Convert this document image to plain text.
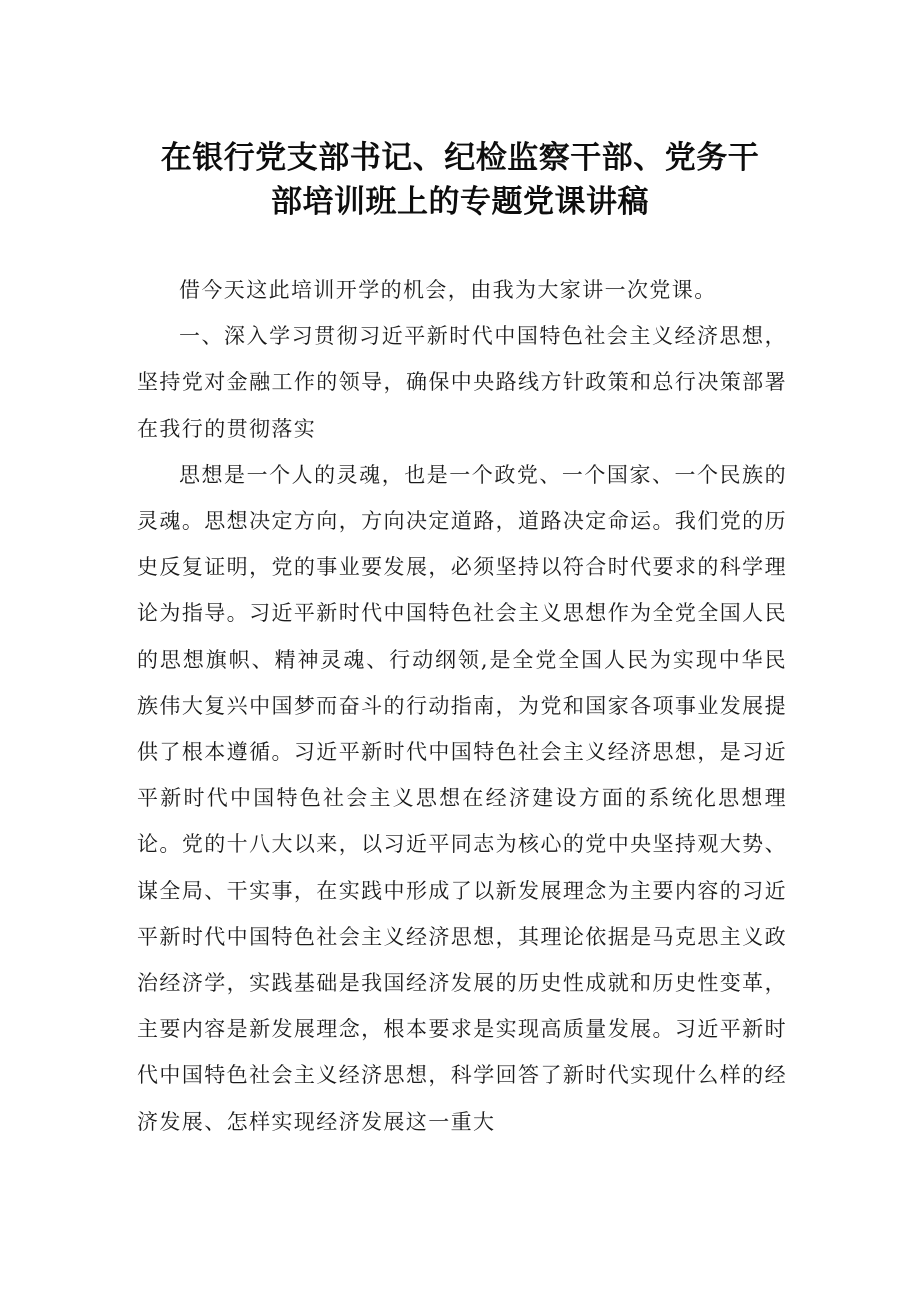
在银行党支部书记、纪检监察干部、党务干
部培训班上的专题党课讲稿

借今天这此培训开学的机会，由我为大家讲一次党课。

一、深入学习贯彻习近平新时代中国特色社会主义经济思想，坚持党对金融工作的领导，确保中央路线方针政策和总行决策部署在我行的贯彻落实

思想是一个人的灵魂，也是一个政党、一个国家、一个民族的灵魂。思想决定方向，方向决定道路，道路决定命运。我们党的历史反复证明，党的事业要发展，必须坚持以符合时代要求的科学理论为指导。习近平新时代中国特色社会主义思想作为全党全国人民的思想旗帜、精神灵魂、行动纲领,是全党全国人民为实现中华民族伟大复兴中国梦而奋斗的行动指南，为党和国家各项事业发展提供了根本遵循。习近平新时代中国特色社会主义经济思想，是习近平新时代中国特色社会主义思想在经济建设方面的系统化思想理论。党的十八大以来，以习近平同志为核心的党中央坚持观大势、谋全局、干实事，在实践中形成了以新发展理念为主要内容的习近平新时代中国特色社会主义经济思想，其理论依据是马克思主义政治经济学，实践基础是我国经济发展的历史性成就和历史性变革，主要内容是新发展理念，根本要求是实现高质量发展。习近平新时代中国特色社会主义经济思想，科学回答了新时代实现什么样的经济发展、怎样实现经济发展这一重大
